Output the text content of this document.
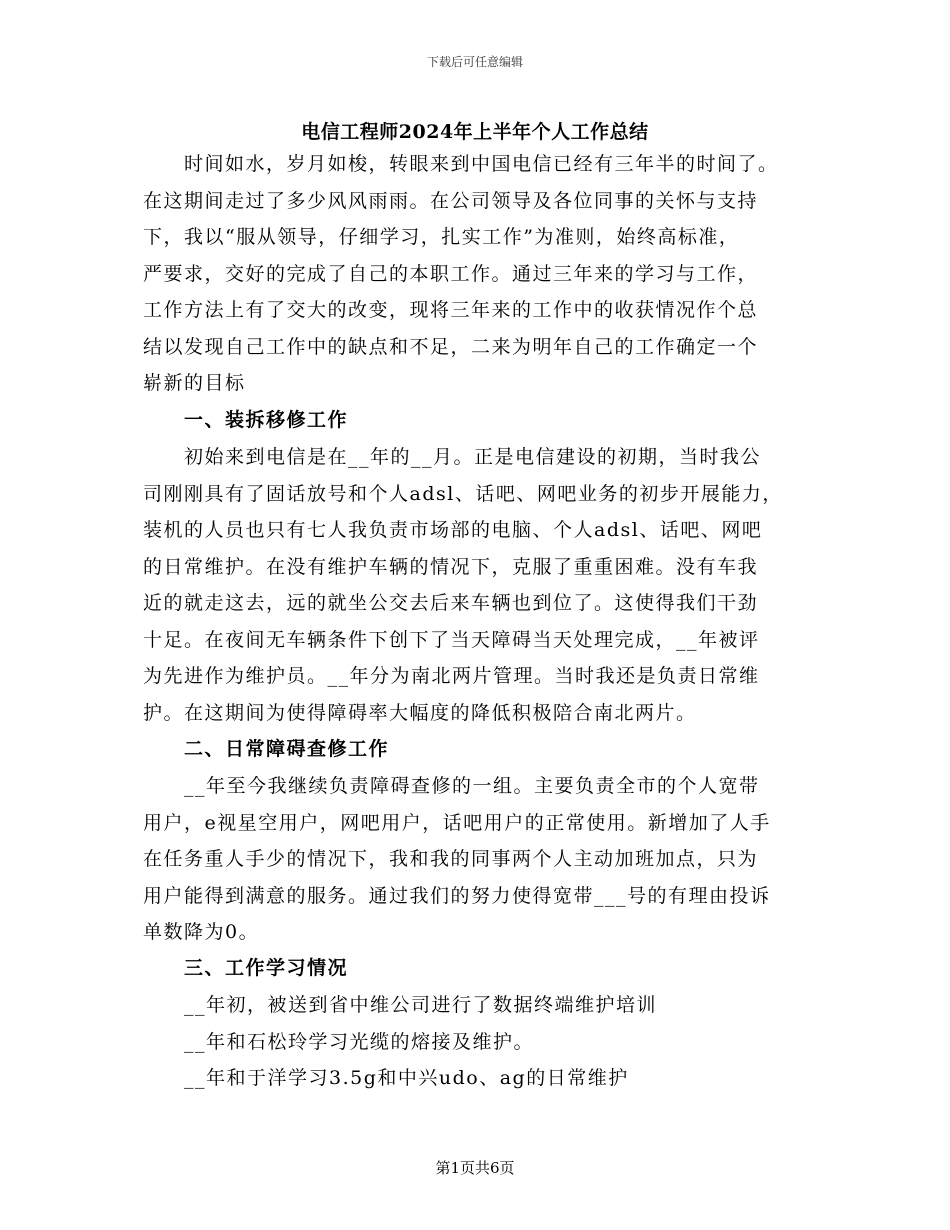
下载后可任意编辑
电信工程师2024年上半年个人工作总结
　　时间如水，岁月如梭，转眼来到中国电信已经有三年半的时间了。
在这期间走过了多少风风雨雨。在公司领导及各位同事的关怀与支持
下，我以“服从领导，仔细学习，扎实工作”为准则，始终高标准，
严要求，交好的完成了自己的本职工作。通过三年来的学习与工作，
工作方法上有了交大的改变，现将三年来的工作中的收获情况作个总
结以发现自己工作中的缺点和不足，二来为明年自己的工作确定一个
崭新的目标
　　一、装拆移修工作
　　初始来到电信是在__年的__月。正是电信建设的初期，当时我公
司刚刚具有了固话放号和个人adsl、话吧、网吧业务的初步开展能力，
装机的人员也只有七人我负责市场部的电脑、个人adsl、话吧、网吧
的日常维护。在没有维护车辆的情况下，克服了重重困难。没有车我
近的就走这去，远的就坐公交去后来车辆也到位了。这使得我们干劲
十足。在夜间无车辆条件下创下了当天障碍当天处理完成，__年被评
为先进作为维护员。__年分为南北两片管理。当时我还是负责日常维
护。在这期间为使得障碍率大幅度的降低积极陪合南北两片。
　　二、日常障碍查修工作
　　__年至今我继续负责障碍查修的一组。主要负责全市的个人宽带
用户，e视星空用户，网吧用户，话吧用户的正常使用。新增加了人手
在任务重人手少的情况下，我和我的同事两个人主动加班加点，只为
用户能得到满意的服务。通过我们的努力使得宽带___号的有理由投诉
单数降为0。
　　三、工作学习情况
　　__年初，被送到省中维公司进行了数据终端维护培训
　　__年和石松玲学习光缆的熔接及维护。
　　__年和于洋学习3.5g和中兴udo、ag的日常维护
第1页共6页
